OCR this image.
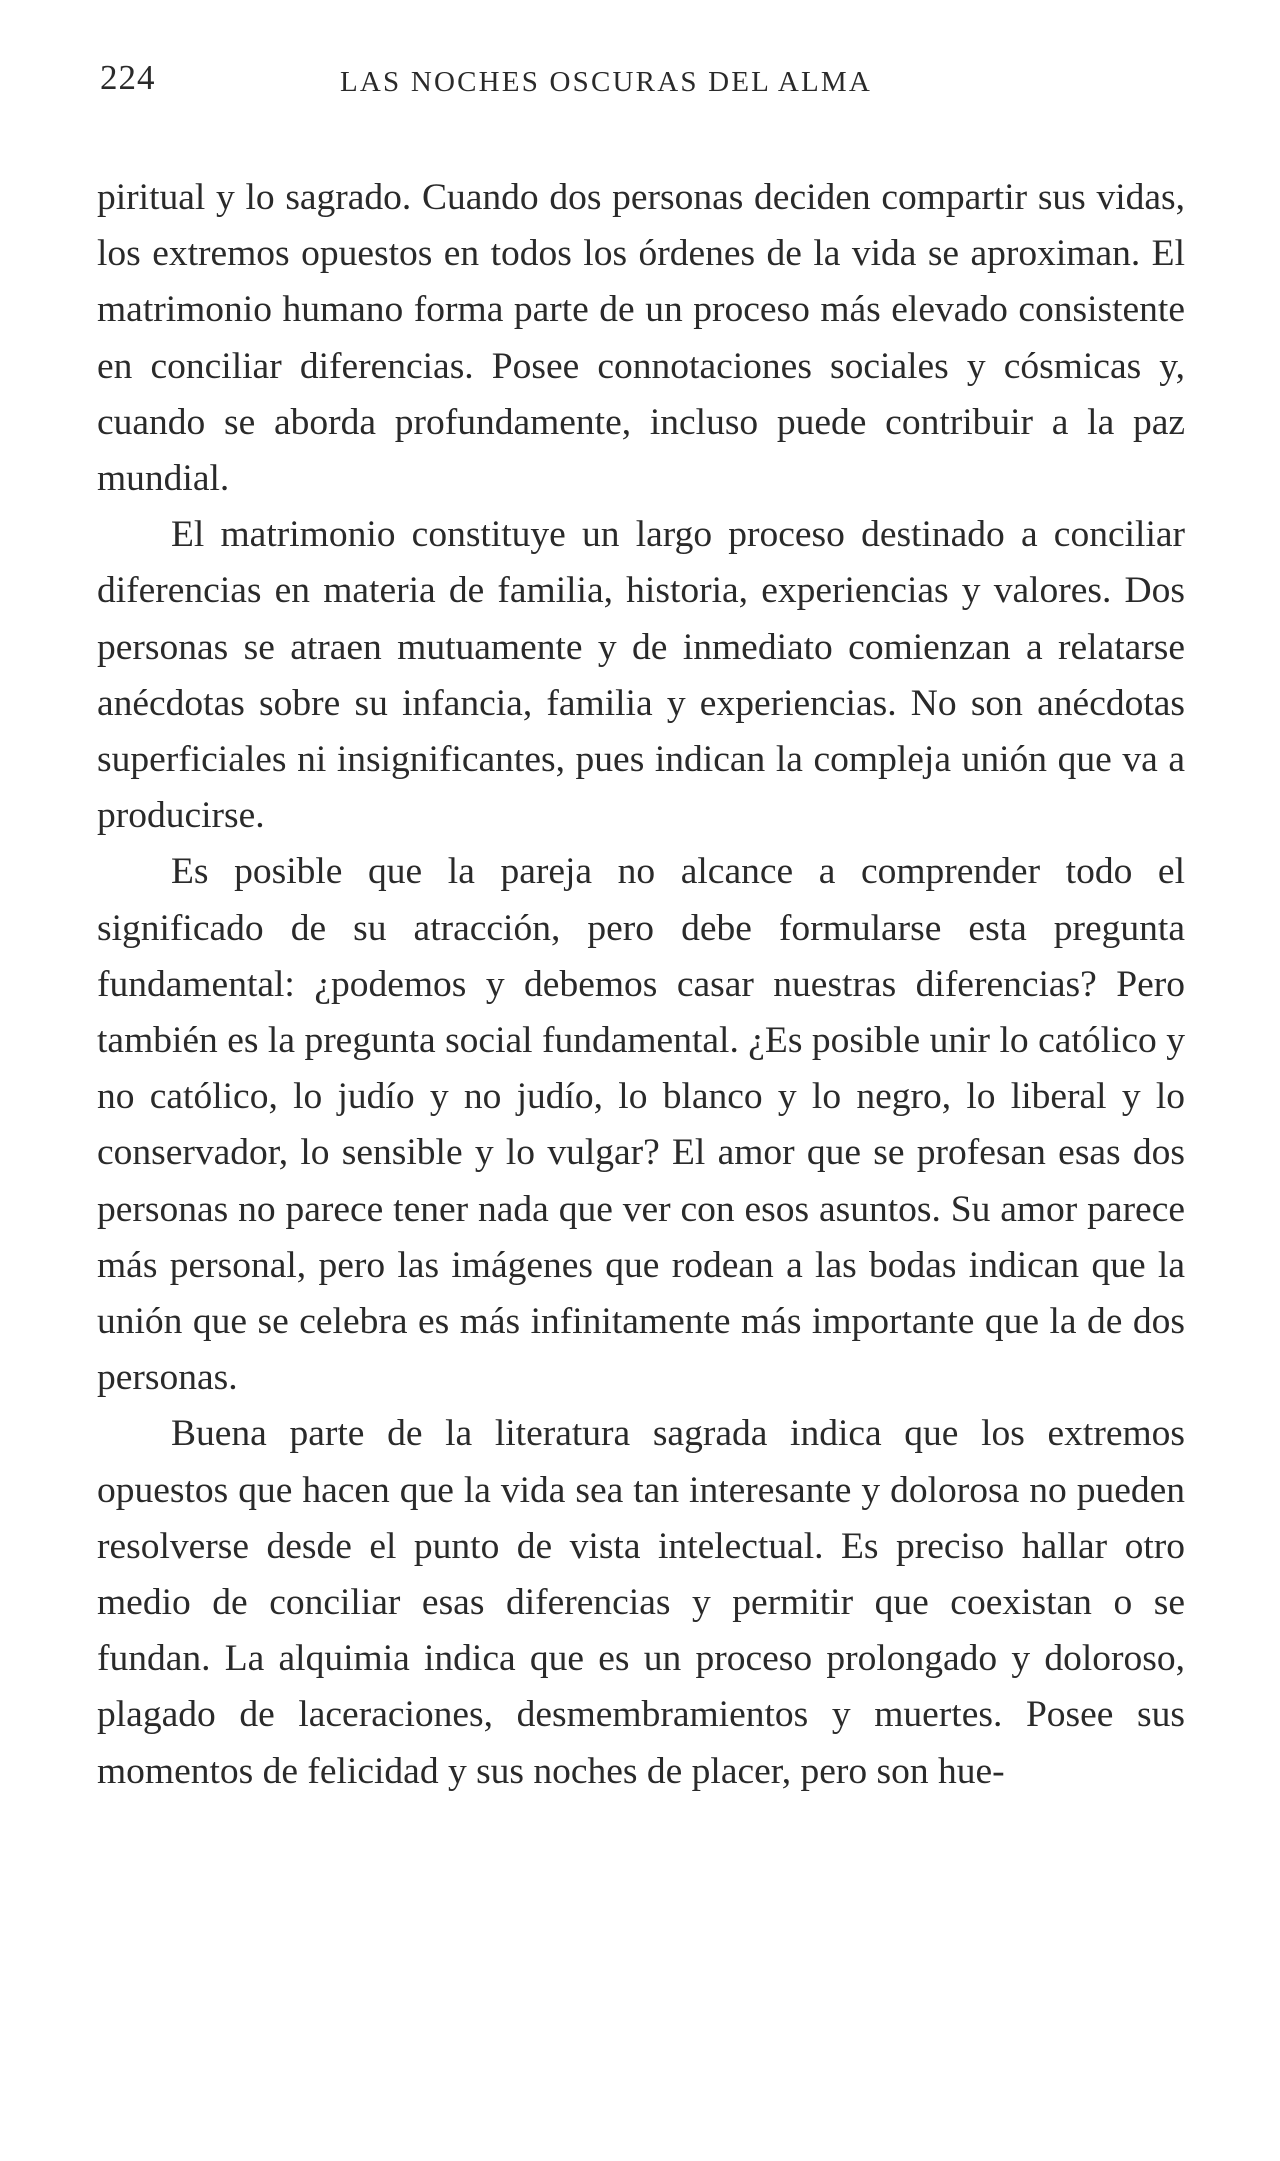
224	LAS NOCHES OSCURAS DEL ALMA

piritual y lo sagrado. Cuando dos personas deciden compartir sus vidas, los extremos opuestos en todos los órdenes de la vida se aproximan. El matrimonio humano forma parte de un proceso más elevado consistente en conciliar diferencias. Posee connotaciones sociales y cósmicas y, cuando se aborda profundamente, incluso puede contribuir a la paz mundial.

El matrimonio constituye un largo proceso destinado a conciliar diferencias en materia de familia, historia, experiencias y valores. Dos personas se atraen mutuamente y de inmediato comienzan a relatarse anécdotas sobre su infancia, familia y experiencias. No son anécdotas superficiales ni insignificantes, pues indican la compleja unión que va a producirse.

Es posible que la pareja no alcance a comprender todo el significado de su atracción, pero debe formularse esta pregunta fundamental: ¿podemos y debemos casar nuestras diferencias? Pero también es la pregunta social fundamental. ¿Es posible unir lo católico y no católico, lo judío y no judío, lo blanco y lo negro, lo liberal y lo conservador, lo sensible y lo vulgar? El amor que se profesan esas dos personas no parece tener nada que ver con esos asuntos. Su amor parece más personal, pero las imágenes que rodean a las bodas indican que la unión que se celebra es más infinitamente más importante que la de dos personas.

Buena parte de la literatura sagrada indica que los extremos opuestos que hacen que la vida sea tan interesante y dolorosa no pueden resolverse desde el punto de vista intelectual. Es preciso hallar otro medio de conciliar esas diferencias y permitir que coexistan o se fundan. La alquimia indica que es un proceso prolongado y doloroso, plagado de laceraciones, desmembramientos y muertes. Posee sus momentos de felicidad y sus noches de placer, pero son hue-
